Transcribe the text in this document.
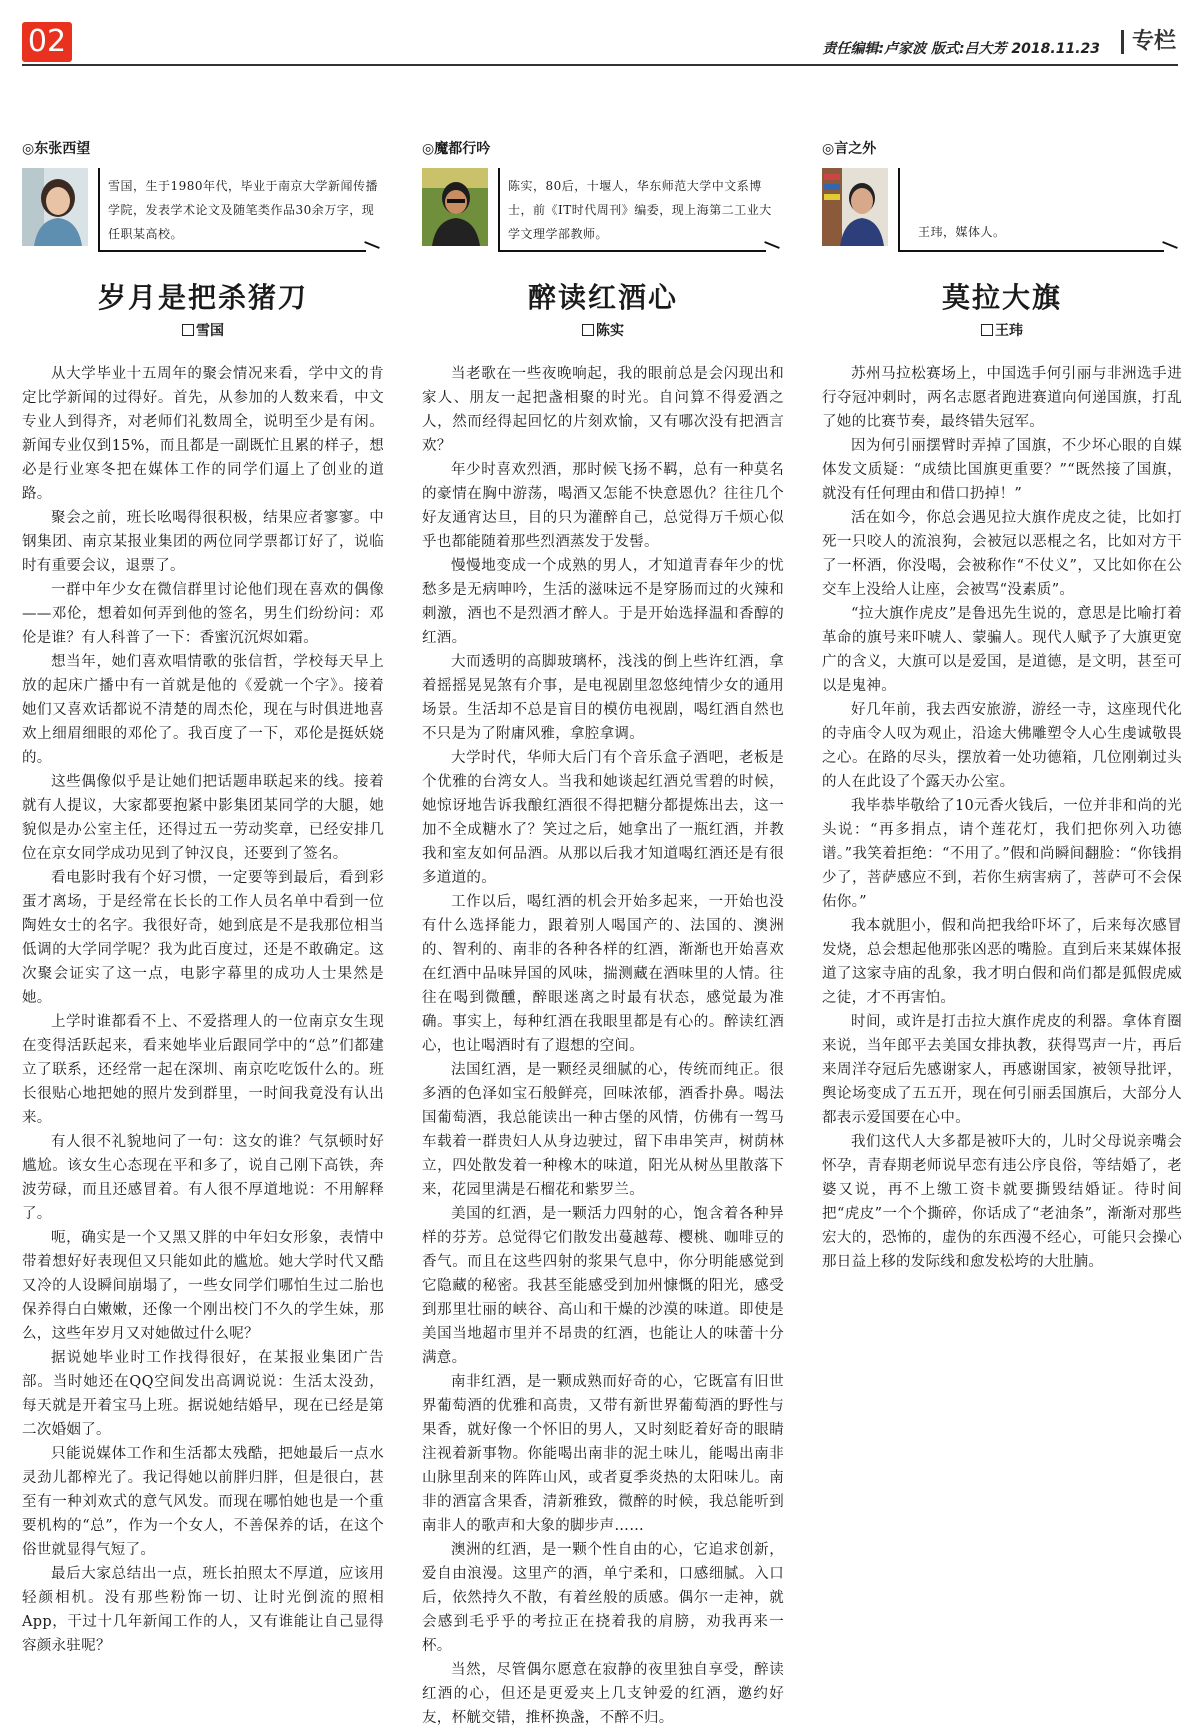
02	责任编辑:卢家波 版式:吕大芳 2018.11.23	专栏
◎东张西望
雪国，生于1980年代，毕业于南京大学新闻传播学院，发表学术论文及随笔类作品30余万字，现任职某高校。
岁月是把杀猪刀
雪国

从大学毕业十五周年的聚会情况来看，学中文的肯定比学新闻的过得好。首先，从参加的人数来看，中文专业人到得齐，对老师们礼数周全，说明至少是有闲。新闻专业仅到15%，而且都是一副既忙且累的样子，想必是行业寒冬把在媒体工作的同学们逼上了创业的道路。

聚会之前，班长吆喝得很积极，结果应者寥寥。中钢集团、南京某报业集团的两位同学票都订好了，说临时有重要会议，退票了。

一群中年少女在微信群里讨论他们现在喜欢的偶像——邓伦，想着如何弄到他的签名，男生们纷纷问：邓伦是谁？有人科普了一下：香蜜沉沉烬如霜。

想当年，她们喜欢唱情歌的张信哲，学校每天早上放的起床广播中有一首就是他的《爱就一个字》。接着她们又喜欢话都说不清楚的周杰伦，现在与时俱进地喜欢上细眉细眼的邓伦了。我百度了一下，邓伦是挺妖娆的。

这些偶像似乎是让她们把话题串联起来的线。接着就有人提议，大家都要抱紧中影集团某同学的大腿，她貌似是办公室主任，还得过五一劳动奖章，已经安排几位在京女同学成功见到了钟汉良，还要到了签名。

看电影时我有个好习惯，一定要等到最后，看到彩蛋才离场，于是经常在长长的工作人员名单中看到一位陶姓女士的名字。我很好奇，她到底是不是我那位相当低调的大学同学呢？我为此百度过，还是不敢确定。这次聚会证实了这一点，电影字幕里的成功人士果然是她。

上学时谁都看不上、不爱搭理人的一位南京女生现在变得活跃起来，看来她毕业后跟同学中的“总”们都建立了联系，还经常一起在深圳、南京吃吃饭什么的。班长很贴心地把她的照片发到群里，一时间我竟没有认出来。

有人很不礼貌地问了一句：这女的谁？气氛顿时好尴尬。该女生心态现在平和多了，说自己刚下高铁，奔波劳碌，而且还感冒着。有人很不厚道地说：不用解释了。

呃，确实是一个又黑又胖的中年妇女形象，表情中带着想好好表现但又只能如此的尴尬。她大学时代又酷又冷的人设瞬间崩塌了，一些女同学们哪怕生过二胎也保养得白白嫩嫩，还像一个刚出校门不久的学生妹，那么，这些年岁月又对她做过什么呢？

据说她毕业时工作找得很好，在某报业集团广告部。当时她还在QQ空间发出高调说说：生活太没劲，每天就是开着宝马上班。据说她结婚早，现在已经是第二次婚姻了。

只能说媒体工作和生活都太残酷，把她最后一点水灵劲儿都榨光了。我记得她以前胖归胖，但是很白，甚至有一种刘欢式的意气风发。而现在哪怕她也是一个重要机构的“总”，作为一个女人，不善保养的话，在这个俗世就显得气短了。

最后大家总结出一点，班长拍照太不厚道，应该用轻颜相机。没有那些粉饰一切、让时光倒流的照相App，干过十几年新闻工作的人，又有谁能让自己显得容颜永驻呢？

◎魔都行吟
陈实，80后，十堰人，华东师范大学中文系博士，前《IT时代周刊》编委，现上海第二工业大学文理学部教师。
醉读红酒心
陈实

当老歌在一些夜晚响起，我的眼前总是会闪现出和家人、朋友一起把盏相聚的时光。自问算不得爱酒之人，然而经得起回忆的片刻欢愉，又有哪次没有把酒言欢？

年少时喜欢烈酒，那时候飞扬不羁，总有一种莫名的豪情在胸中游荡，喝酒又怎能不快意恩仇？往往几个好友通宵达旦，目的只为灌醉自己，总觉得万千烦心似乎也都能随着那些烈酒蒸发于发髻。

慢慢地变成一个成熟的男人，才知道青春年少的忧愁多是无病呻吟，生活的滋味远不是穿肠而过的火辣和刺激，酒也不是烈酒才醉人。于是开始选择温和香醇的红酒。

大而透明的高脚玻璃杯，浅浅的倒上些许红酒，拿着摇摇晃晃煞有介事，是电视剧里忽悠纯情少女的通用场景。生活却不总是盲目的模仿电视剧，喝红酒自然也不只是为了附庸风雅，拿腔拿调。

大学时代，华师大后门有个音乐盒子酒吧，老板是个优雅的台湾女人。当我和她谈起红酒兑雪碧的时候，她惊讶地告诉我酿红酒很不得把糖分都提炼出去，这一加不全成糖水了？笑过之后，她拿出了一瓶红酒，并教我和室友如何品酒。从那以后我才知道喝红酒还是有很多道道的。

工作以后，喝红酒的机会开始多起来，一开始也没有什么选择能力，跟着别人喝国产的、法国的、澳洲的、智利的、南非的各种各样的红酒，渐渐也开始喜欢在红酒中品味异国的风味，揣测藏在酒味里的人情。往往在喝到微醺，醉眼迷离之时最有状态，感觉最为准确。事实上，每种红酒在我眼里都是有心的。醉读红酒心，也让喝酒时有了遐想的空间。

法国红酒，是一颗经灵细腻的心，传统而纯正。很多酒的色泽如宝石般鲜亮，回味浓郁，酒香扑鼻。喝法国葡萄酒，我总能读出一种古堡的风情，仿佛有一驾马车载着一群贵妇人从身边驶过，留下串串笑声，树荫林立，四处散发着一种橡木的味道，阳光从树丛里散落下来，花园里满是石榴花和紫罗兰。

美国的红酒，是一颗活力四射的心，饱含着各种异样的芬芳。总觉得它们散发出蔓越莓、樱桃、咖啡豆的香气。而且在这些四射的浆果气息中，你分明能感觉到它隐藏的秘密。我甚至能感受到加州慷慨的阳光，感受到那里壮丽的峡谷、高山和干燥的沙漠的味道。即使是美国当地超市里并不昂贵的红酒，也能让人的味蕾十分满意。

南非红酒，是一颗成熟而好奇的心，它既富有旧世界葡萄酒的优雅和高贵，又带有新世界葡萄酒的野性与果香，就好像一个怀旧的男人，又时刻眨着好奇的眼睛注视着新事物。你能喝出南非的泥土味儿，能喝出南非山脉里刮来的阵阵山风，或者夏季炎热的太阳味儿。南非的酒富含果香，清新雅致，微醉的时候，我总能听到南非人的歌声和大象的脚步声……

澳洲的红酒，是一颗个性自由的心，它追求创新，爱自由浪漫。这里产的酒，单宁柔和，口感细腻。入口后，依然持久不散，有着丝般的质感。偶尔一走神，就会感到毛乎乎的考拉正在挠着我的肩膀，劝我再来一杯。

当然，尽管偶尔愿意在寂静的夜里独自享受，醉读红酒的心，但还是更爱夹上几支钟爱的红酒，邀约好友，杯觥交错，推杯换盏，不醉不归。

◎言之外
王玮，媒体人。
莫拉大旗
王玮

苏州马拉松赛场上，中国选手何引丽与非洲选手进行夺冠冲刺时，两名志愿者跑进赛道向何递国旗，打乱了她的比赛节奏，最终错失冠军。

因为何引丽摆臂时弄掉了国旗，不少坏心眼的自媒体发文质疑：“成绩比国旗更重要？”“既然接了国旗，就没有任何理由和借口扔掉！”

活在如今，你总会遇见拉大旗作虎皮之徒，比如打死一只咬人的流浪狗，会被冠以恶棍之名，比如对方干了一杯酒，你没喝，会被称作“不仗义”，又比如你在公交车上没给人让座，会被骂“没素质”。

“拉大旗作虎皮”是鲁迅先生说的，意思是比喻打着革命的旗号来吓唬人、蒙骗人。现代人赋予了大旗更宽广的含义，大旗可以是爱国，是道德，是文明，甚至可以是鬼神。

好几年前，我去西安旅游，游经一寺，这座现代化的寺庙令人叹为观止，沿途大佛雕塑令人心生虔诚敬畏之心。在路的尽头，摆放着一处功德箱，几位刚剃过头的人在此设了个露天办公室。

我毕恭毕敬给了10元香火钱后，一位并非和尚的光头说：“再多捐点，请个莲花灯，我们把你列入功德谱。”我笑着拒绝：“不用了。”假和尚瞬间翻脸：“你钱捐少了，菩萨感应不到，若你生病害病了，菩萨可不会保佑你。”

我本就胆小，假和尚把我给吓坏了，后来每次感冒发烧，总会想起他那张凶恶的嘴脸。直到后来某媒体报道了这家寺庙的乱象，我才明白假和尚们都是狐假虎威之徒，才不再害怕。

时间，或许是打击拉大旗作虎皮的利器。拿体育圈来说，当年郎平去美国女排执教，获得骂声一片，再后来周洋夺冠后先感谢家人，再感谢国家，被领导批评，舆论场变成了五五开，现在何引丽丢国旗后，大部分人都表示爱国要在心中。

我们这代人大多都是被吓大的，儿时父母说亲嘴会怀孕，青春期老师说早恋有违公序良俗，等结婚了，老婆又说，再不上缴工资卡就要撕毁结婚证。待时间把“虎皮”一个个撕碎，你话成了“老油条”，渐渐对那些宏大的，恐怖的，虚伪的东西漫不经心，可能只会操心那日益上移的发际线和愈发松垮的大肚腩。
